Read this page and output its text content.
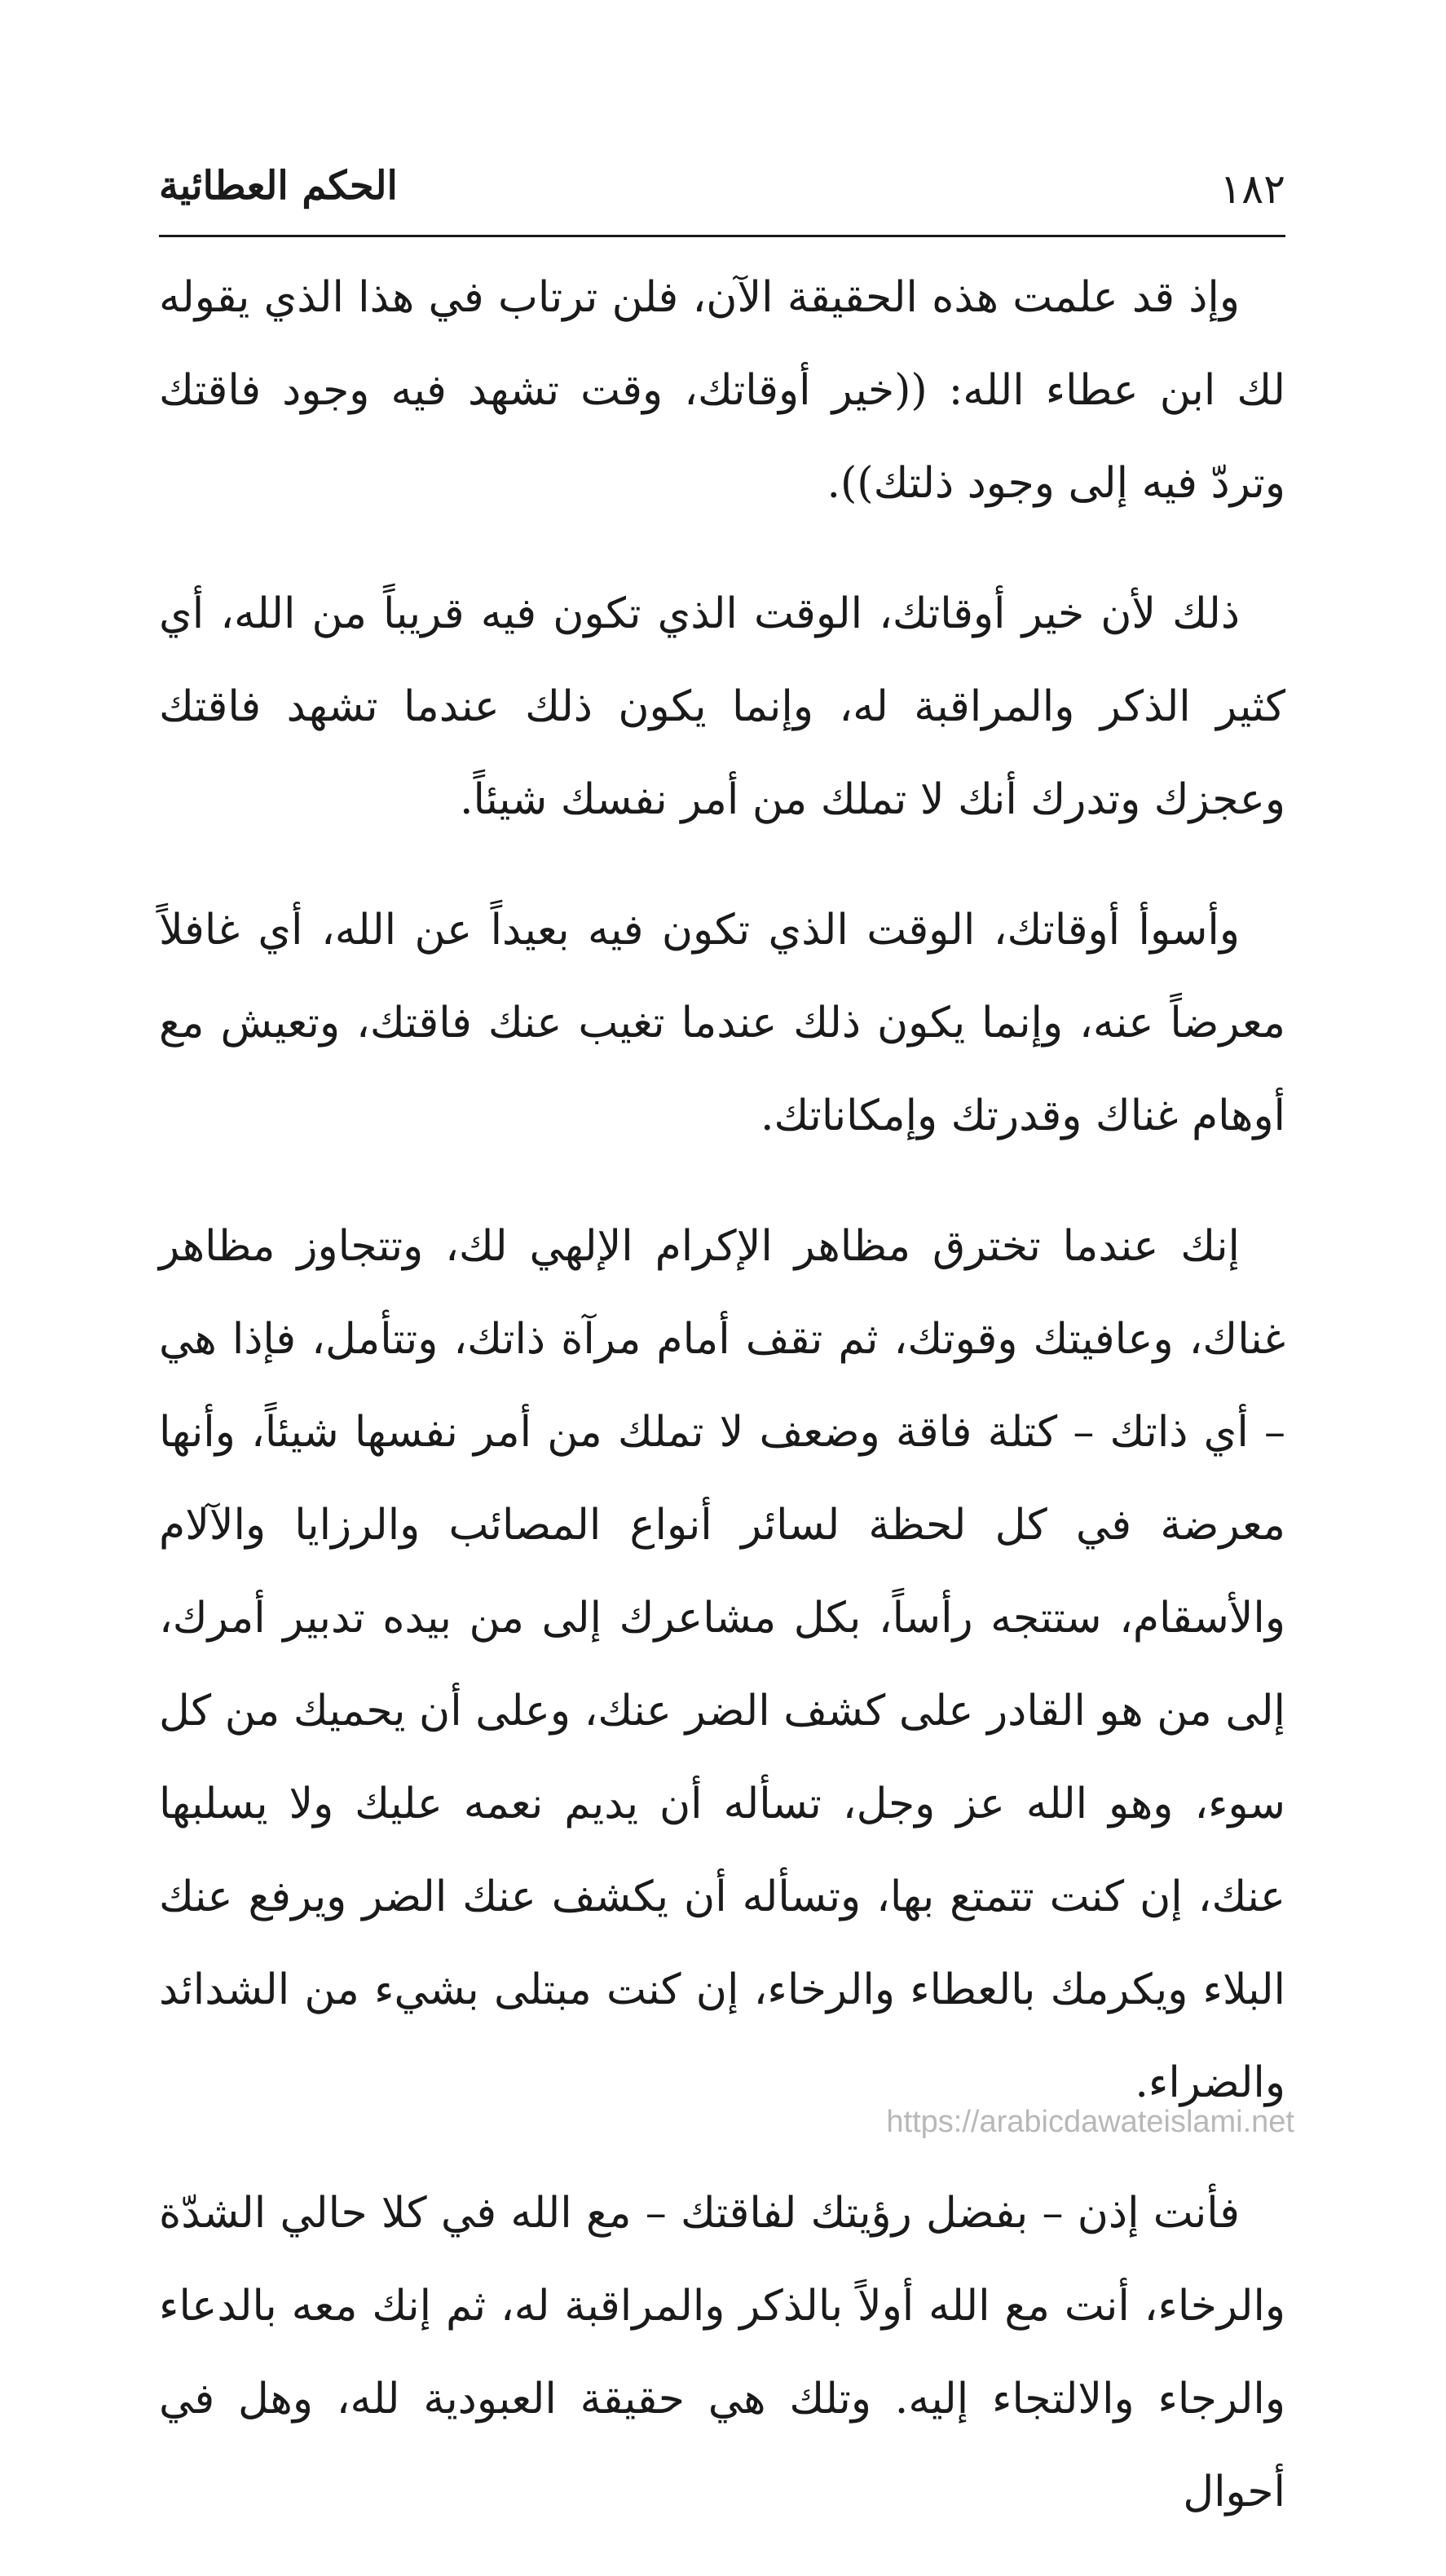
١٨٢
الحكم العطائية

وإذ قد علمت هذه الحقيقة الآن، فلن ترتاب في هذا الذي يقوله لك ابن عطاء الله: ((خير أوقاتك، وقت تشهد فيه وجود فاقتك وتردّ فيه إلى وجود ذلتك)).

ذلك لأن خير أوقاتك، الوقت الذي تكون فيه قريباً من الله، أي كثير الذكر والمراقبة له، وإنما يكون ذلك عندما تشهد فاقتك وعجزك وتدرك أنك لا تملك من أمر نفسك شيئاً.

وأسوأ أوقاتك، الوقت الذي تكون فيه بعيداً عن الله، أي غافلاً معرضاً عنه، وإنما يكون ذلك عندما تغيب عنك فاقتك، وتعيش مع أوهام غناك وقدرتك وإمكاناتك.

إنك عندما تخترق مظاهر الإكرام الإلهي لك، وتتجاوز مظاهر غناك، وعافيتك وقوتك، ثم تقف أمام مرآة ذاتك، وتتأمل، فإذا هي – أي ذاتك – كتلة فاقة وضعف لا تملك من أمر نفسها شيئاً، وأنها معرضة في كل لحظة لسائر أنواع المصائب والرزايا والآلام والأسقام، ستتجه رأساً، بكل مشاعرك إلى من بيده تدبير أمرك، إلى من هو القادر على كشف الضر عنك، وعلى أن يحميك من كل سوء، وهو الله عز وجل، تسأله أن يديم نعمه عليك ولا يسلبها عنك، إن كنت تتمتع بها، وتسأله أن يكشف عنك الضر ويرفع عنك البلاء ويكرمك بالعطاء والرخاء، إن كنت مبتلى بشيء من الشدائد والضراء.

فأنت إذن – بفضل رؤيتك لفاقتك – مع الله في كلا حالي الشدّة والرخاء، أنت مع الله أولاً بالذكر والمراقبة له، ثم إنك معه بالدعاء والرجاء والالتجاء إليه. وتلك هي حقيقة العبودية لله، وهل في أحوال

https://arabicdawateislami.net
